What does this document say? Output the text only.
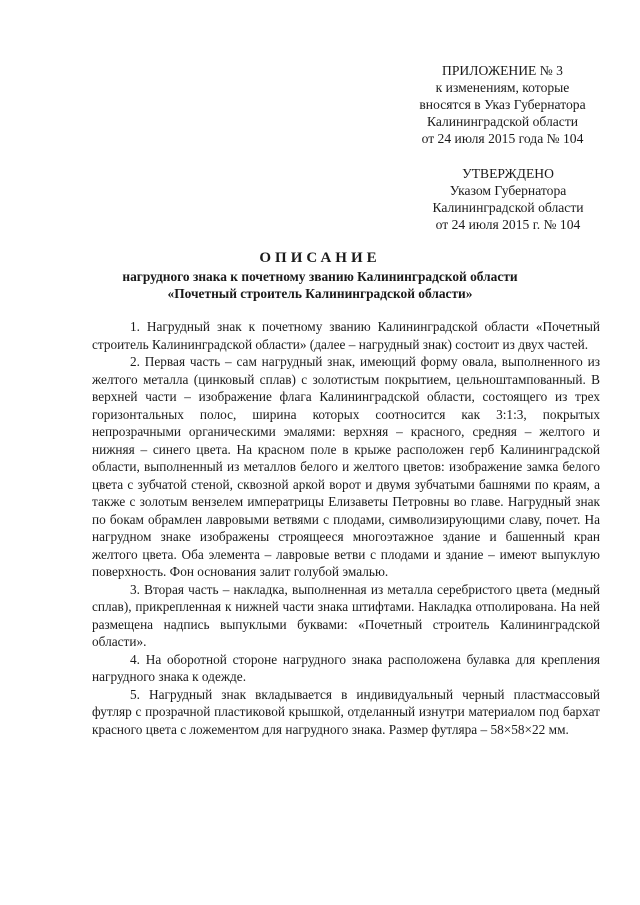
ПРИЛОЖЕНИЕ № 3
к изменениям, которые
вносятся в Указ Губернатора
Калининградской области
от 24 июля 2015 года № 104
УТВЕРЖДЕНО
Указом Губернатора
Калининградской области
от 24 июля 2015 г. № 104
ОПИСАНИЕ
нагрудного знака к почетному званию Калининградской области
«Почетный строитель Калининградской области»

1. Нагрудный знак к почетному званию Калининградской области «Почетный строитель Калининградской области» (далее – нагрудный знак) состоит из двух частей.

2. Первая часть – сам нагрудный знак, имеющий форму овала, выполненного из желтого металла (цинковый сплав) с золотистым покрытием, цельноштампованный. В верхней части – изображение флага Калининградской области, состоящего из трех горизонтальных полос, ширина которых соотносится как 3:1:3, покрытых непрозрачными органическими эмалями: верхняя – красного, средняя – желтого и нижняя – синего цвета. На красном поле в крыже расположен герб Калининградской области, выполненный из металлов белого и желтого цветов: изображение замка белого цвета с зубчатой стеной, сквозной аркой ворот и двумя зубчатыми башнями по краям, а также с золотым вензелем императрицы Елизаветы Петровны во главе. Нагрудный знак по бокам обрамлен лавровыми ветвями с плодами, символизирующими славу, почет. На нагрудном знаке изображены строящееся многоэтажное здание и башенный кран желтого цвета. Оба элемента – лавровые ветви с плодами и здание – имеют выпуклую поверхность. Фон основания залит голубой эмалью.

3. Вторая часть – накладка, выполненная из металла серебристого цвета (медный сплав), прикрепленная к нижней части знака штифтами. Накладка отполирована. На ней размещена надпись выпуклыми буквами: «Почетный строитель Калининградской области».

4. На оборотной стороне нагрудного знака расположена булавка для крепления нагрудного знака к одежде.

5. Нагрудный знак вкладывается в индивидуальный черный пластмассовый футляр с прозрачной пластиковой крышкой, отделанный изнутри материалом под бархат красного цвета с ложементом для нагрудного знака. Размер футляра – 58×58×22 мм.
